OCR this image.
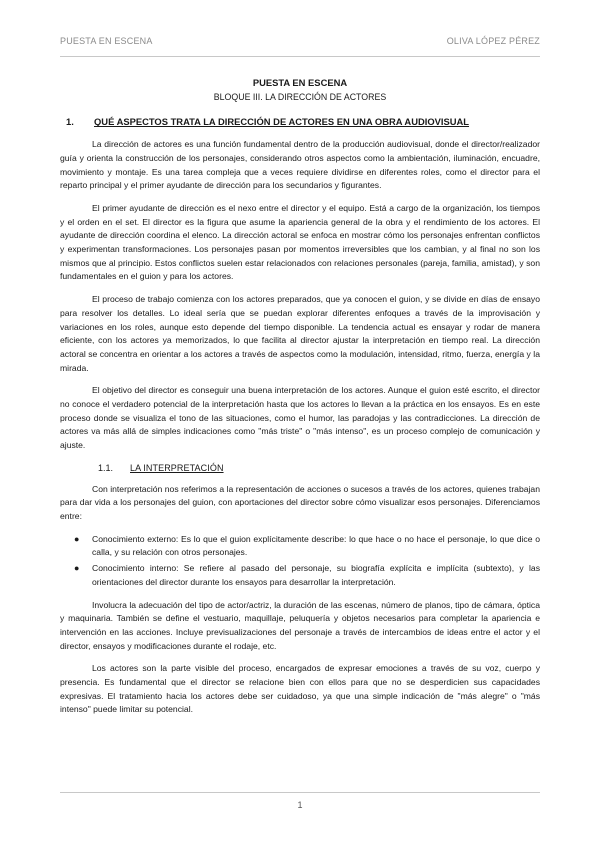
PUESTA EN ESCENA	OLIVA LÓPEZ PÉREZ
PUESTA EN ESCENA
BLOQUE III. LA DIRECCIÓN DE ACTORES
1.	QUÉ ASPECTOS TRATA LA DIRECCIÓN DE ACTORES EN UNA OBRA AUDIOVISUAL

La dirección de actores es una función fundamental dentro de la producción audiovisual, donde el director/realizador guía y orienta la construcción de los personajes, considerando otros aspectos como la ambientación, iluminación, encuadre, movimiento y montaje. Es una tarea compleja que a veces requiere dividirse en diferentes roles, como el director para el reparto principal y el primer ayudante de dirección para los secundarios y figurantes.

El primer ayudante de dirección es el nexo entre el director y el equipo. Está a cargo de la organización, los tiempos y el orden en el set. El director es la figura que asume la apariencia general de la obra y el rendimiento de los actores. El ayudante de dirección coordina el elenco. La dirección actoral se enfoca en mostrar cómo los personajes enfrentan conflictos y experimentan transformaciones. Los personajes pasan por momentos irreversibles que los cambian, y al final no son los mismos que al principio. Estos conflictos suelen estar relacionados con relaciones personales (pareja, familia, amistad), y son fundamentales en el guion y para los actores.

El proceso de trabajo comienza con los actores preparados, que ya conocen el guion, y se divide en días de ensayo para resolver los detalles. Lo ideal sería que se puedan explorar diferentes enfoques a través de la improvisación y variaciones en los roles, aunque esto depende del tiempo disponible. La tendencia actual es ensayar y rodar de manera eficiente, con los actores ya memorizados, lo que facilita al director ajustar la interpretación en tiempo real. La dirección actoral se concentra en orientar a los actores a través de aspectos como la modulación, intensidad, ritmo, fuerza, energía y la mirada.

El objetivo del director es conseguir una buena interpretación de los actores. Aunque el guion esté escrito, el director no conoce el verdadero potencial de la interpretación hasta que los actores lo llevan a la práctica en los ensayos. Es en este proceso donde se visualiza el tono de las situaciones, como el humor, las paradojas y las contradicciones. La dirección de actores va más allá de simples indicaciones como "más triste" o "más intenso", es un proceso complejo de comunicación y ajuste.

1.1.	LA INTERPRETACIÓN

Con interpretación nos referimos a la representación de acciones o sucesos a través de los actores, quienes trabajan para dar vida a los personajes del guion, con aportaciones del director sobre cómo visualizar esos personajes. Diferenciamos entre:

● Conocimiento externo: Es lo que el guion explícitamente describe: lo que hace o no hace el personaje, lo que dice o calla, y su relación con otros personajes.
● Conocimiento interno: Se refiere al pasado del personaje, su biografía explícita e implícita (subtexto), y las orientaciones del director durante los ensayos para desarrollar la interpretación.

Involucra la adecuación del tipo de actor/actriz, la duración de las escenas, número de planos, tipo de cámara, óptica y maquinaria. También se define el vestuario, maquillaje, peluquería y objetos necesarios para completar la apariencia e intervención en las acciones. Incluye previsualizaciones del personaje a través de intercambios de ideas entre el actor y el director, ensayos y modificaciones durante el rodaje, etc.

Los actores son la parte visible del proceso, encargados de expresar emociones a través de su voz, cuerpo y presencia. Es fundamental que el director se relacione bien con ellos para que no se desperdicien sus capacidades expresivas. El tratamiento hacia los actores debe ser cuidadoso, ya que una simple indicación de "más alegre" o "más intenso" puede limitar su potencial.

1
